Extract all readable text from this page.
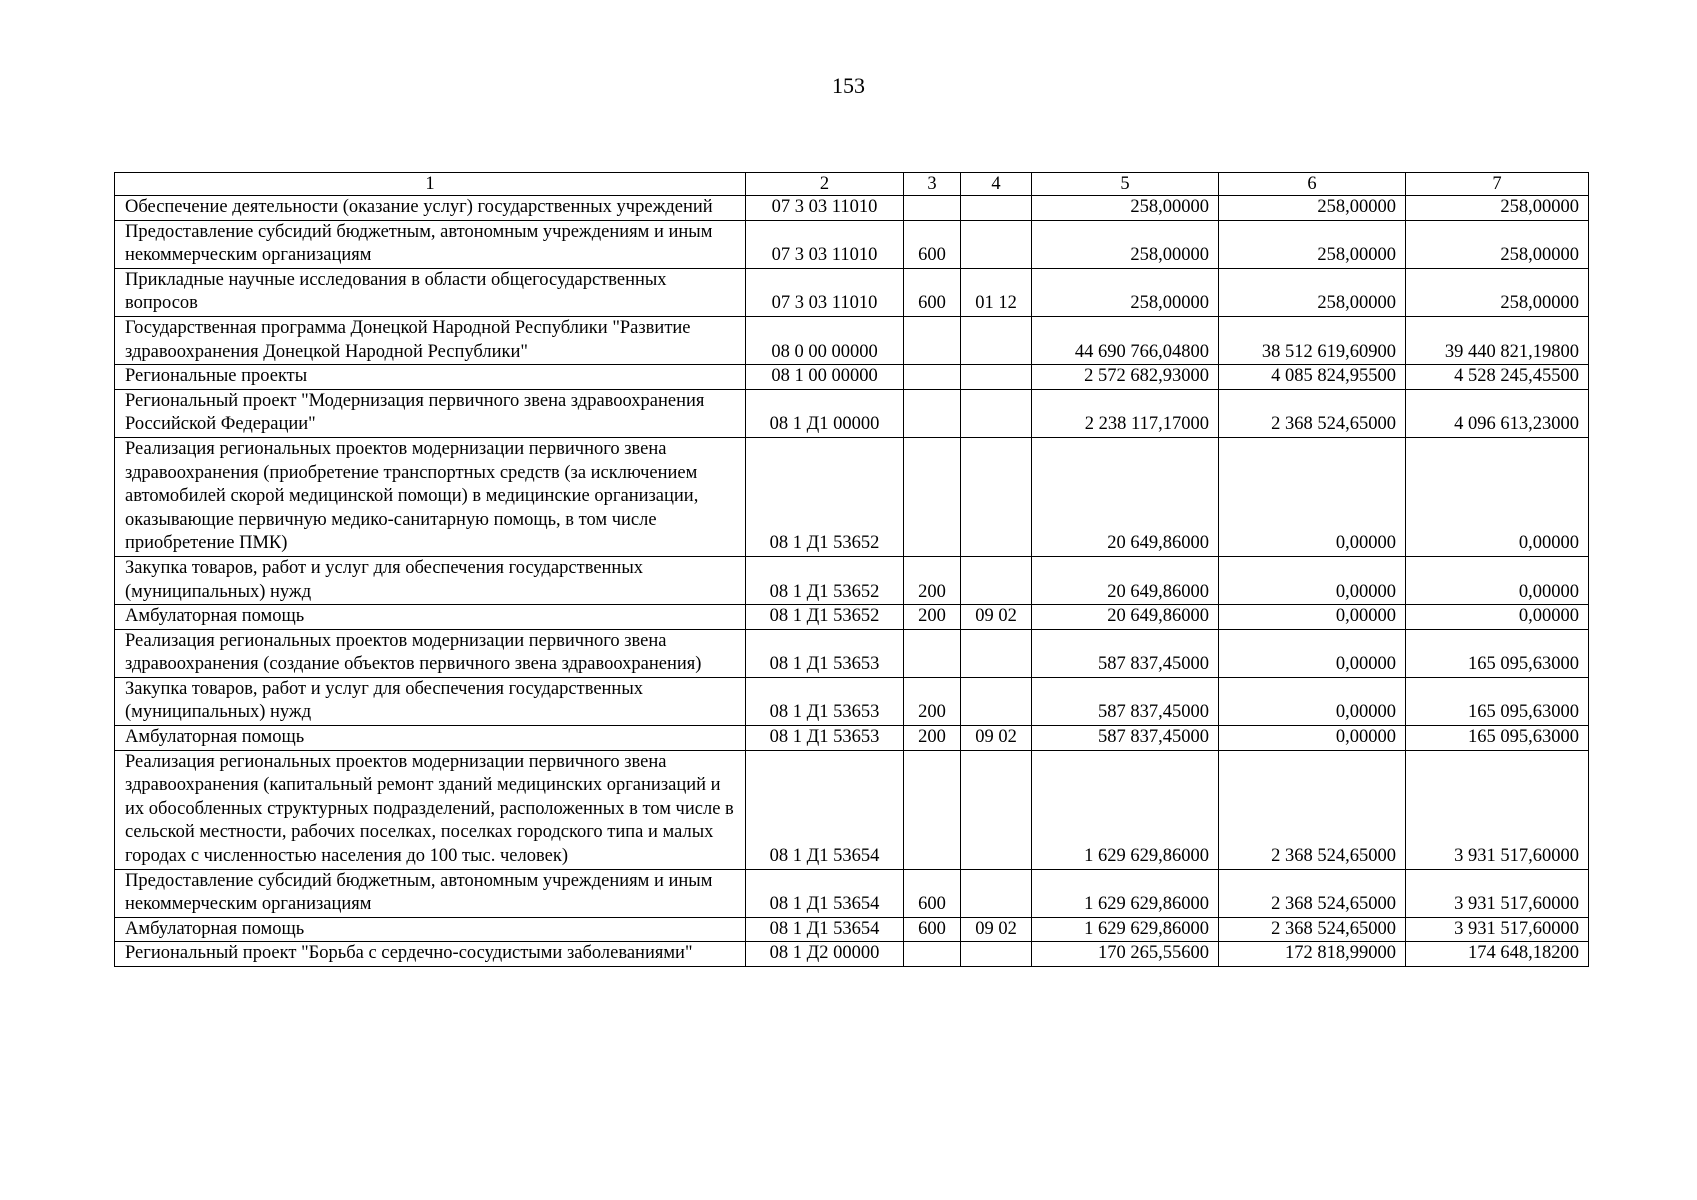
153
1	2	3	4	5	6	7
Обеспечение деятельности (оказание услуг) государственных учреждений	07 3 03 11010			258,00000	258,00000	258,00000
Предоставление субсидий бюджетным, автономным учреждениям и иным некоммерческим организациям	07 3 03 11010	600		258,00000	258,00000	258,00000
Прикладные научные исследования в области общегосударственных вопросов	07 3 03 11010	600	01 12	258,00000	258,00000	258,00000
Государственная программа Донецкой Народной Республики "Развитие здравоохранения Донецкой Народной Республики"	08 0 00 00000			44 690 766,04800	38 512 619,60900	39 440 821,19800
Региональные проекты	08 1 00 00000			2 572 682,93000	4 085 824,95500	4 528 245,45500
Региональный проект "Модернизация первичного звена здравоохранения Российской Федерации"	08 1 Д1 00000			2 238 117,17000	2 368 524,65000	4 096 613,23000
Реализация региональных проектов модернизации первичного звена здравоохранения (приобретение транспортных средств (за исключением автомобилей скорой медицинской помощи) в медицинские организации, оказывающие первичную медико-санитарную помощь, в том числе приобретение ПМК)	08 1 Д1 53652			20 649,86000	0,00000	0,00000
Закупка товаров, работ и услуг для обеспечения государственных (муниципальных) нужд	08 1 Д1 53652	200		20 649,86000	0,00000	0,00000
Амбулаторная помощь	08 1 Д1 53652	200	09 02	20 649,86000	0,00000	0,00000
Реализация региональных проектов модернизации первичного звена здравоохранения (создание объектов первичного звена здравоохранения)	08 1 Д1 53653			587 837,45000	0,00000	165 095,63000
Закупка товаров, работ и услуг для обеспечения государственных (муниципальных) нужд	08 1 Д1 53653	200		587 837,45000	0,00000	165 095,63000
Амбулаторная помощь	08 1 Д1 53653	200	09 02	587 837,45000	0,00000	165 095,63000
Реализация региональных проектов модернизации первичного звена здравоохранения (капитальный ремонт зданий медицинских организаций и их обособленных структурных подразделений, расположенных в том числе в сельской местности, рабочих поселках, поселках городского типа и малых городах с численностью населения до 100 тыс. человек)	08 1 Д1 53654			1 629 629,86000	2 368 524,65000	3 931 517,60000
Предоставление субсидий бюджетным, автономным учреждениям и иным некоммерческим организациям	08 1 Д1 53654	600		1 629 629,86000	2 368 524,65000	3 931 517,60000
Амбулаторная помощь	08 1 Д1 53654	600	09 02	1 629 629,86000	2 368 524,65000	3 931 517,60000
Региональный проект "Борьба с сердечно-сосудистыми заболеваниями"	08 1 Д2 00000			170 265,55600	172 818,99000	174 648,18200
